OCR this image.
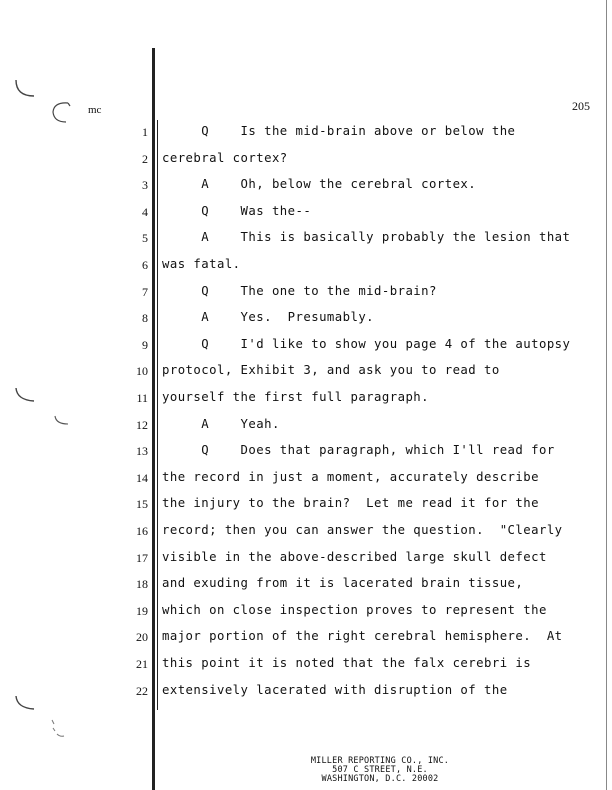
mc	205
1 Q    Is the mid-brain above or below the
2 cerebral cortex?
3 A    Oh, below the cerebral cortex.
4 Q    Was the--
5 A    This is basically probably the lesion that
6 was fatal.
7 Q    The one to the mid-brain?
8 A    Yes.  Presumably.
9 Q    I'd like to show you page 4 of the autopsy
10 protocol, Exhibit 3, and ask you to read to
11 yourself the first full paragraph.
12 A    Yeah.
13 Q    Does that paragraph, which I'll read for
14 the record in just a moment, accurately describe
15 the injury to the brain?  Let me read it for the
16 record; then you can answer the question.  "Clearly
17 visible in the above-described large skull defect
18 and exuding from it is lacerated brain tissue,
19 which on close inspection proves to represent the
20 major portion of the right cerebral hemisphere.  At
21 this point it is noted that the falx cerebri is
22 extensively lacerated with disruption of the
MILLER REPORTING CO., INC.
507 C STREET, N.E.
WASHINGTON, D.C. 20002
